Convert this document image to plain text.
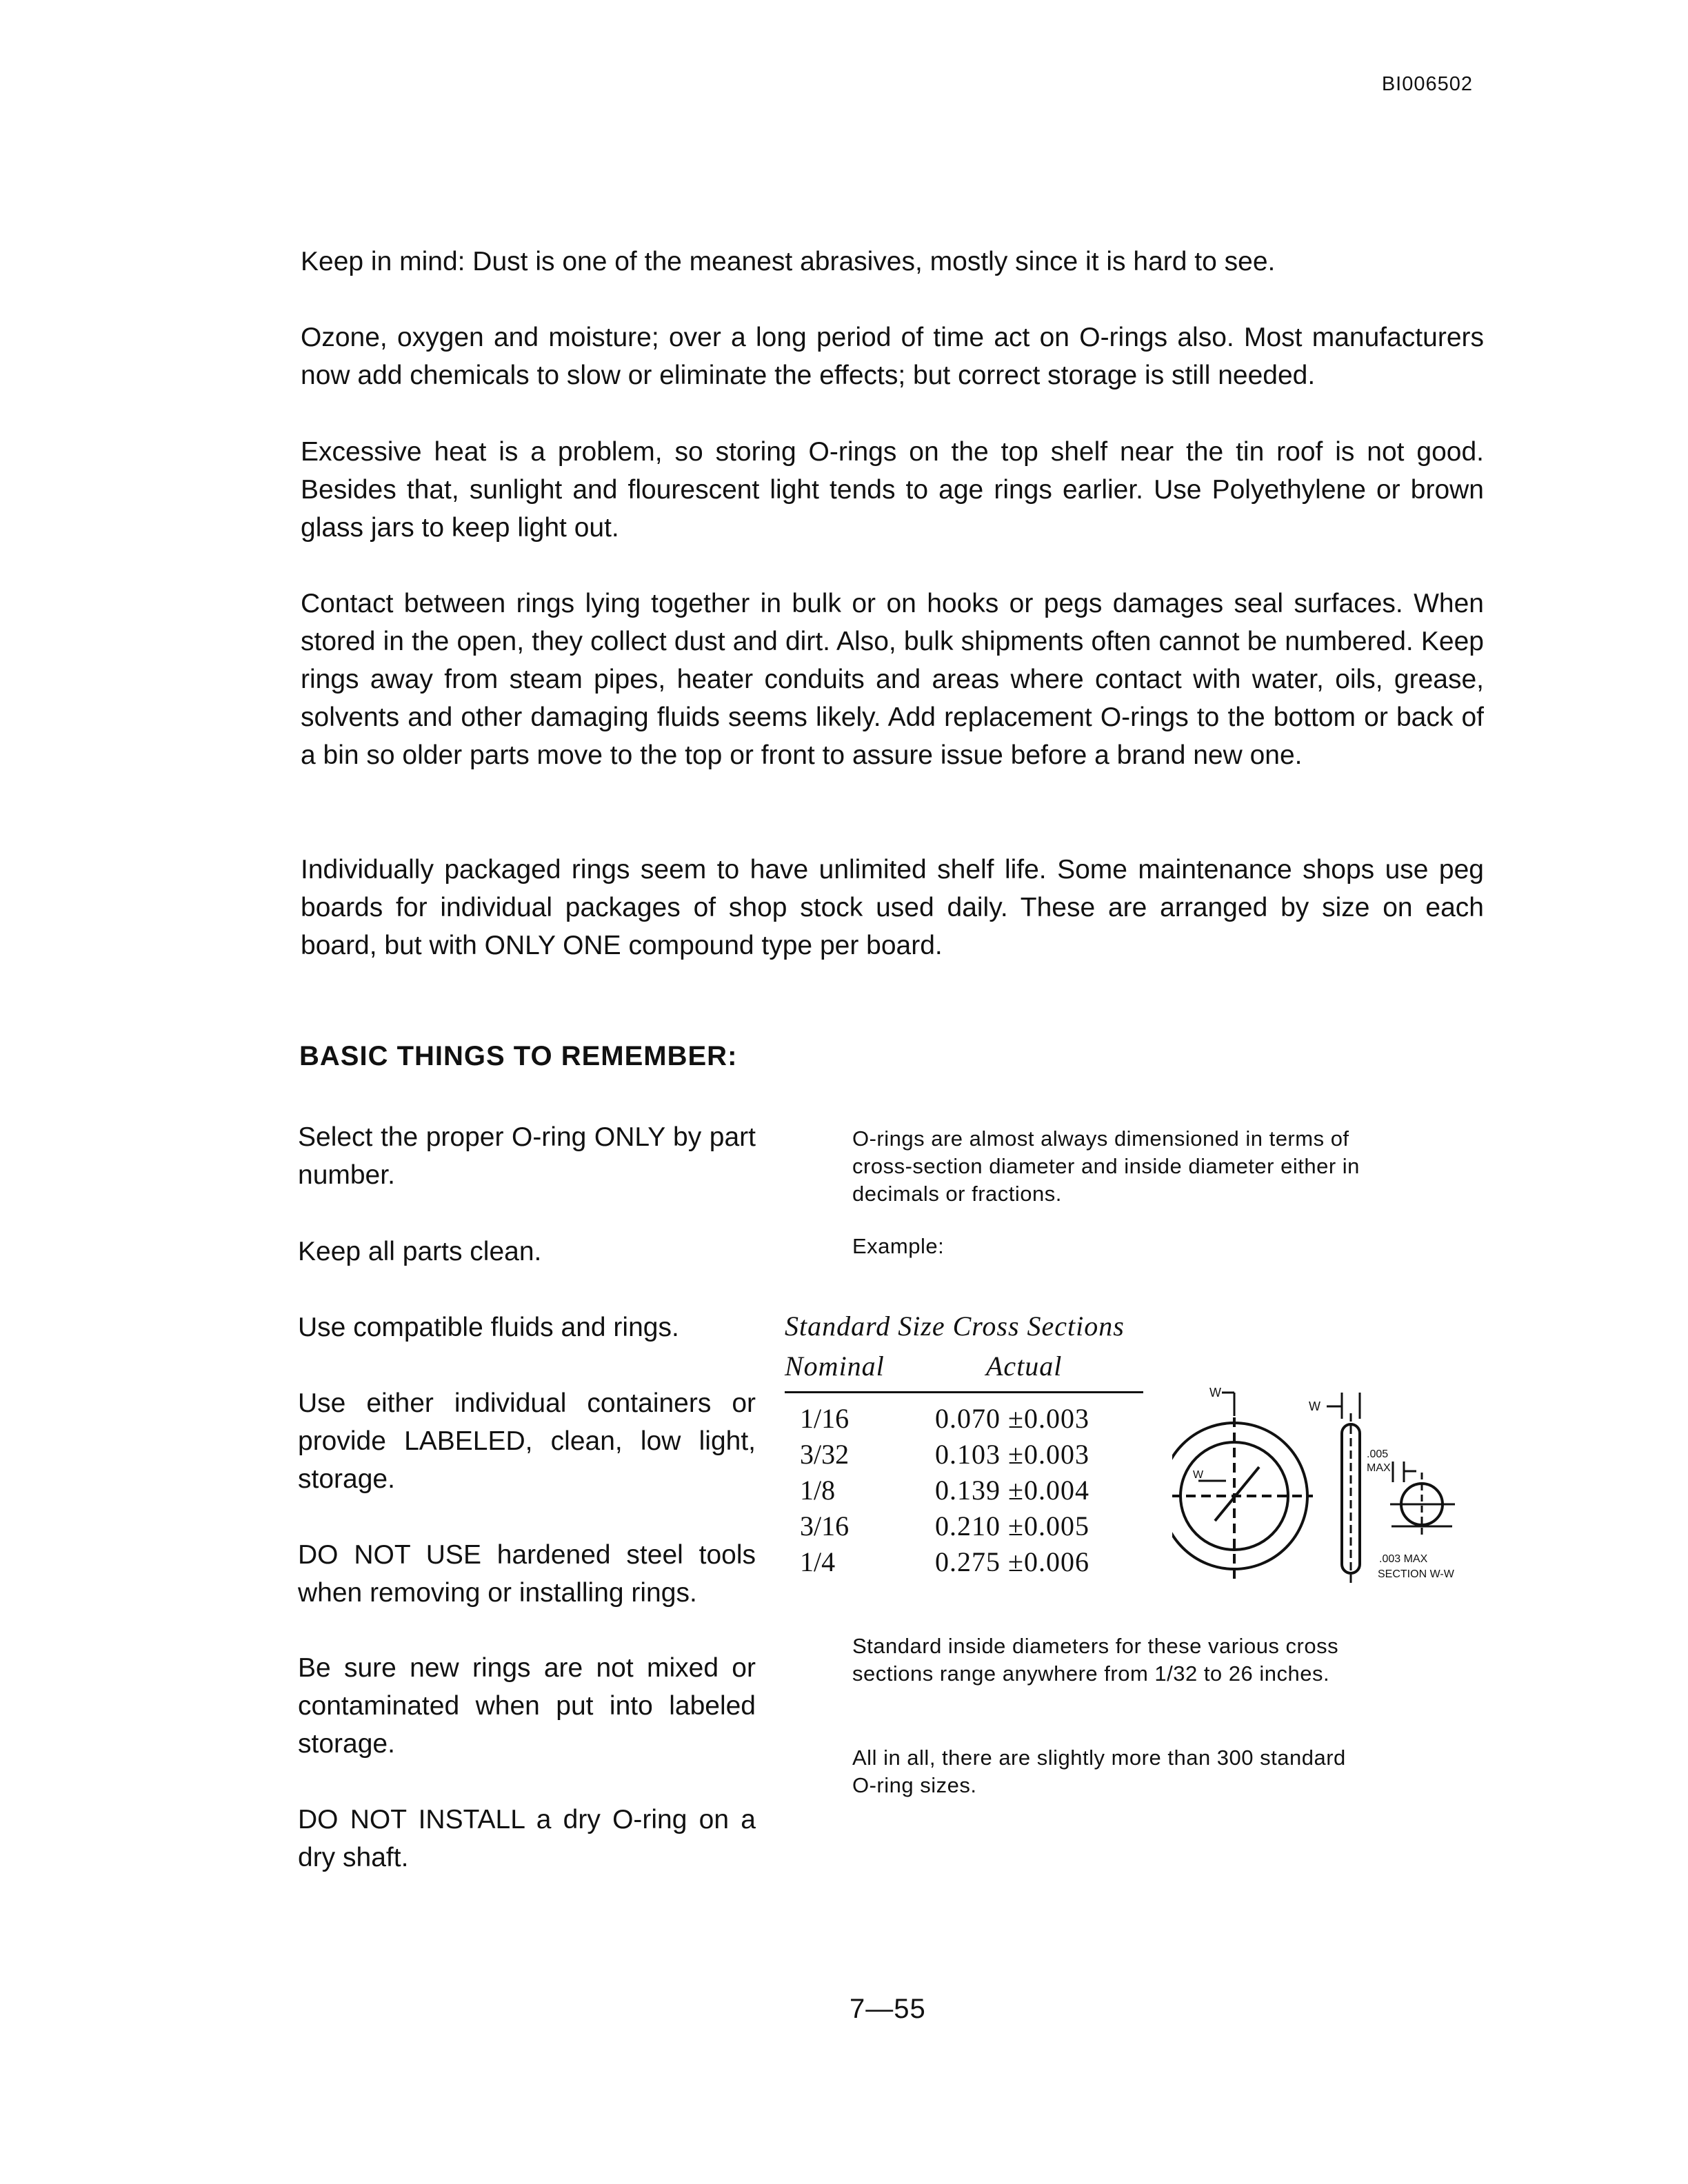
BI006502

Keep in mind: Dust is one of the meanest abrasives, mostly since it is hard to see.

Ozone, oxygen and moisture; over a long period of time act on O-rings also. Most manufacturers now add chemicals to slow or eliminate the effects; but correct storage is still needed.

Excessive heat is a problem, so storing O-rings on the top shelf near the tin roof is not good. Besides that, sunlight and flourescent light tends to age rings earlier. Use Polyethylene or brown glass jars to keep light out.

Contact between rings lying together in bulk or on hooks or pegs damages seal surfaces. When stored in the open, they collect dust and dirt. Also, bulk shipments often cannot be numbered. Keep rings away from steam pipes, heater conduits and areas where contact with water, oils, grease, solvents and other damaging fluids seems likely. Add replacement O-rings to the bottom or back of a bin so older parts move to the top or front to assure issue before a brand new one.

Individually packaged rings seem to have unlimited shelf life. Some maintenance shops use peg boards for individual packages of shop stock used daily. These are arranged by size on each board, but with ONLY ONE compound type per board.

BASIC THINGS TO REMEMBER:

Select the proper O-ring ONLY by part number.

Keep all parts clean.

Use compatible fluids and rings.

Use either individual containers or provide LABELED, clean, low light, storage.

DO NOT USE hardened steel tools when removing or installing rings.

Be sure new rings are not mixed or contaminated when put into labeled storage.

DO NOT INSTALL a dry O-ring on a dry shaft.

O-rings are almost always dimensioned in terms of cross-section diameter and inside diameter either in decimals or fractions.

Example:

Standard Size Cross Sections
Nominal	Actual
1/16	0.070 ±0.003
3/32	0.103 ±0.003
1/8	0.139 ±0.004
3/16	0.210 ±0.005
1/4	0.275 ±0.006
W
W
W
.005
MAX
.003 MAX
SECTION W-W

Standard inside diameters for these various cross sections range anywhere from 1/32 to 26 inches.

All in all, there are slightly more than 300 standard O-ring sizes.

7—55
